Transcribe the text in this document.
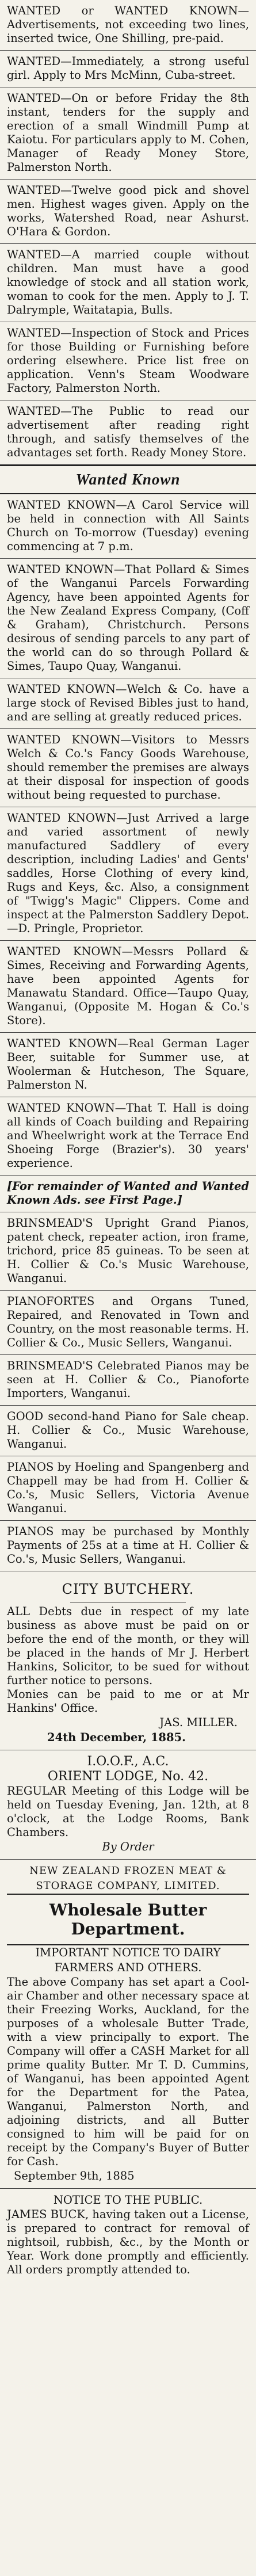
WANTED or WANTED KNOWN—Advertisements, not exceeding two lines, inserted twice, One Shilling, pre-paid.
WANTED—Immediately, a strong useful girl. Apply to Mrs McMinn, Cuba-street.
WANTED—On or before Friday the 8th instant, tenders for the supply and erection of a small Windmill Pump at Kaiotu. For particulars apply to M. Cohen, Manager of Ready Money Store, Palmerston North.
WANTED—Twelve good pick and shovel men. Highest wages given. Apply on the works, Watershed Road, near Ashurst. O'Hara & Gordon.
WANTED—A married couple without children. Man must have a good knowledge of stock and all station work, woman to cook for the men. Apply to J. T. Dalrymple, Waitatapia, Bulls.
WANTED—Inspection of Stock and Prices for those Building or Furnishing before ordering elsewhere. Price list free on application. Venn's Steam Woodware Factory, Palmerston North.
WANTED—The Public to read our advertisement after reading right through, and satisfy themselves of the advantages set forth. Ready Money Store.
Wanted Known
WANTED KNOWN—A Carol Service will be held in connection with All Saints Church on To-morrow (Tuesday) evening commencing at 7 p.m.
WANTED KNOWN—That Pollard & Simes of the Wanganui Parcels Forwarding Agency, have been appointed Agents for the New Zealand Express Company, (Coff & Graham), Christchurch. Persons desirous of sending parcels to any part of the world can do so through Pollard & Simes, Taupo Quay, Wanganui.
WANTED KNOWN—Welch & Co. have a large stock of Revised Bibles just to hand, and are selling at greatly reduced prices.
WANTED KNOWN—Visitors to Messrs Welch & Co.'s Fancy Goods Warehouse, should remember the premises are always at their disposal for inspection of goods without being requested to purchase.
WANTED KNOWN—Just Arrived a large and varied assortment of newly manufactured Saddlery of every description, including Ladies' and Gents' saddles, Horse Clothing of every kind, Rugs and Keys, &c. Also, a consignment of "Twigg's Magic" Clippers. Come and inspect at the Palmerston Saddlery Depot.—D. Pringle, Proprietor.
WANTED KNOWN—Messrs Pollard & Simes, Receiving and Forwarding Agents, have been appointed Agents for Manawatu Standard. Office—Taupo Quay, Wanganui, (Opposite M. Hogan & Co.'s Store).
WANTED KNOWN—Real German Lager Beer, suitable for Summer use, at Woolerman & Hutcheson, The Square, Palmerston N.
WANTED KNOWN—That T. Hall is doing all kinds of Coach building and Repairing and Wheelwright work at the Terrace End Shoeing Forge (Brazier's). 30 years' experience.
[For remainder of Wanted and Wanted Known Ads. see First Page.]
BRINSMEAD'S Upright Grand Pianos, patent check, repeater action, iron frame, trichord, price 85 guineas. To be seen at H. Collier & Co.'s Music Warehouse, Wanganui.
PIANOFORTES and Organs Tuned, Repaired, and Renovated in Town and Country, on the most reasonable terms. H. Collier & Co., Music Sellers, Wanganui.
BRINSMEAD'S Celebrated Pianos may be seen at H. Collier & Co., Pianoforte Importers, Wanganui.
GOOD second-hand Piano for Sale cheap. H. Collier & Co., Music Warehouse, Wanganui.
PIANOS by Hoeling and Spangenberg and Chappell may be had from H. Collier & Co.'s, Music Sellers, Victoria Avenue Wanganui.
PIANOS may be purchased by Monthly Payments of 25s at a time at H. Collier & Co.'s, Music Sellers, Wanganui.
CITY BUTCHERY.
ALL Debts due in respect of my late business as above must be paid on or before the end of the month, or they will be placed in the hands of Mr J. Herbert Hankins, Solicitor, to be sued for without further notice to persons.
Monies can be paid to me or at Mr Hankins' Office.
JAS. MILLER.
24th December, 1885.
I.O.O.F., A.C.
ORIENT LODGE, No. 42.
REGULAR Meeting of this Lodge will be held on Tuesday Evening, Jan. 12th, at 8 o'clock, at the Lodge Rooms, Bank Chambers.
By Order
NEW ZEALAND FROZEN MEAT & STORAGE COMPANY, LIMITED.
Wholesale Butter Department.
IMPORTANT NOTICE TO DAIRY FARMERS AND OTHERS.
The above Company has set apart a Cool-air Chamber and other necessary space at their Freezing Works, Auckland, for the purposes of a wholesale Butter Trade, with a view principally to export. The Company will offer a CASH Market for all prime quality Butter. Mr T. D. Cummins, of Wanganui, has been appointed Agent for the Department for the Patea, Wanganui, Palmerston North, and adjoining districts, and all Butter consigned to him will be paid for on receipt by the Company's Buyer of Butter for Cash.
September 9th, 1885
NOTICE TO THE PUBLIC.
JAMES BUCK, having taken out a License, is prepared to contract for removal of nightsoil, rubbish, &c., by the Month or Year. Work done promptly and efficiently. All orders promptly attended to.
